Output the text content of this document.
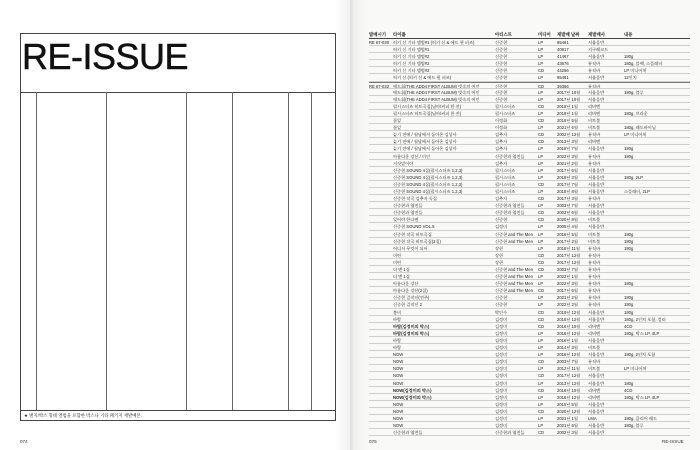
RE-ISSUE
★ 별지/박스 형태 앨범을 포함한 박스나 기타 패키지 재발매본.
074
발매시기	타이틀	아티스트	미디어	재발매 날짜	재발매사	내용
RE 67-030 히키 신 기타 앨범#1 (히키 신 & 에드 퀸 퍼즈)	신중현	LP	95461	서울음반
히키 신 기타 앨범#1	신중현	LP	40817	지구레코드
히키 신 기타 앨범#2	신중현	LP	41467	서울음반	180g
히키 신 기타 앨범#2	신중현	LP	43676	뮤직바	180g, 블랙, 스플래터
히키 신 기타 앨범#2	신중현	CD	44256	뮤직바	LP 미니어처
히키 신 (히키 신 & 에드 원 퍼즈)	신중현	LP	95461	서울음반	12인치
RE 67-032 애드훠(THE ADD4 FIRST ALBUM) 빗속의 여인	신중현	CD	39356	뮤직바
애드훠(THE ADD4 FIRST ALBUM) 빗속의 여인	신중현	LP	2017년 10월	서울음반	180g, 블루
애드훠(THE ADD4 FIRST ALBUM) 빗속의 여인	신중현	LP	2017년 10월	서울음반
펄시스터즈 히트곡집(님아/커피 한 잔)	펄시스터즈	CD	2018년 1월	리버맨
펄시스터즈 히트곡집(님아/커피 한 잔)	펄시스터즈	LP	2018년 1월	리버맨	180g, 브라운
꽃잎	이정화	CD	2016년 5월	비트볼
꽃잎	이정화	LP	2021년 6월	비트볼	180g, 레드바이닐
늦기 전에 / 월남에서 돌아온 김상사	김추자	CD	2002년 12월	뮤직바	LP 미니어처
늦기 전에 / 월남에서 돌아온 김상사	김추자	CD	2013년 3월	리버맨
늦기 전에 / 월남에서 돌아온 김상사	김추자	LP	2018년 7월	서울음반	180g
아름다운 강산 / 미인	신중현과 엽전들	LP	2022년 3월	뮤직바	180g
거짓말이야	김추자	LP	2021년 2월	뮤직바
신중현 SOUND 4집(펄시스터즈 1,2,3)	펄시스터즈	LP	2017년 6월	서울음반
신중현 SOUND 4집(펄시스터즈 1,2,3)	펄시스터즈	LP	2018년 3월	서울음반	180g, 2LP
신중현 SOUND 4집(펄시스터즈 1,2,3)	펄시스터즈	CD	2017년 7월	서울음반
신중현 SOUND 4집(펄시스터즈 1,2,3)	펄시스터즈	LP	2018년 8월	서울음반	스플래터, 2LP
신중현 작곡 김추자 독집	김추자	CD	2017년 3월	뮤직바
신중현과 엽전들	신중현과 엽전들	LP	2003년 7월	서울음반
신중현과 엽전들	신중현과 엽전들	CD	2003년 6월	서울음반
잊어야 한다면	신중현	CD	2020년 8월	비트볼
신중현 SOUND VOL.5	김정미	LP	2005년 4월	서울음반
신중현 작곡 히트곡집	신중현 and The Men	LP	2016년 5월	비트볼	180g
신중현 작곡 히트곡집(2집)	신중현 and The Men	LP	2017년 2월	비트볼	180g
어디서 무엇이 되어	장현	LP	2018년 11월	뮤직바	180g
미련	장현	CD	2017년 12월	뮤직바
미련	장현	CD	2017년 12월	뮤직바
더 멘 1집	신중현 and The Men	CD	2003년 7월	뮤직바
더 멘 1집	신중현 and The Men	LP	2022년 1월	뮤직바
아름다운 강산	신중현 and The Men	LP	2022년 3월	뮤직바	180g
아름다운 강산(2집)	신중현 and The Men	CD	2017년 6월	뮤직바
신중현 걸작선(연주)	신중현	LP	2021년 2월	뮤직바	180g
신중현 걸작선 2	신중현	LP	2022년 2월	뮤직바	180g
봄비	박인수	CD	2019년 12월	서울음반	180g
바람	김정미	CD	2016년 12월	서울음반	180g, 2인치 포함, 컬러
바람(김정미의 박스)	김정미	CD	2016년 10월	리버맨	4CD
바람(김정미의 박스)	김정미	LP	2016년 12월	리버맨	180g, 박스 LP, 4LP
바람	김정미	LP	2016년 1월	서울음반
바람	김정미	LP	2014년 3월	비트볼
NOW	김정미	LP	2016년 12월	서울음반	180g, 2인치 포함
NOW	김정미	CD	2003년 7월	뮤직바
NOW	김정미	LP	2012년 11월	비트볼	LP 미니어처
NOW	김정미	CD	2017년 12월	서울음반
NOW	김정미	LP	2013년 12월	서울음반	180g
NOW(김정미의 박스)	김정미	CD	2016년 10월	리버맨	4CD
NOW(김정미의 박스)	김정미	LP	2016년 12월	리버맨	180g, 박스 LP, 4LP
NOW	김정미	LP	2015년 5월	서울음반
NOW	김정미	CD	2020년 12월	서울음반
NOW	김정미	LP	2021년 1월	LMA	180g, 클리어 레드
NOW	김정미	LP	2021년 6월	서울음반	180g, 블루
신중현과 엽전들	신중현과 엽전들	CD	2002년 3월	서울음반
075	RE-ISSUE
